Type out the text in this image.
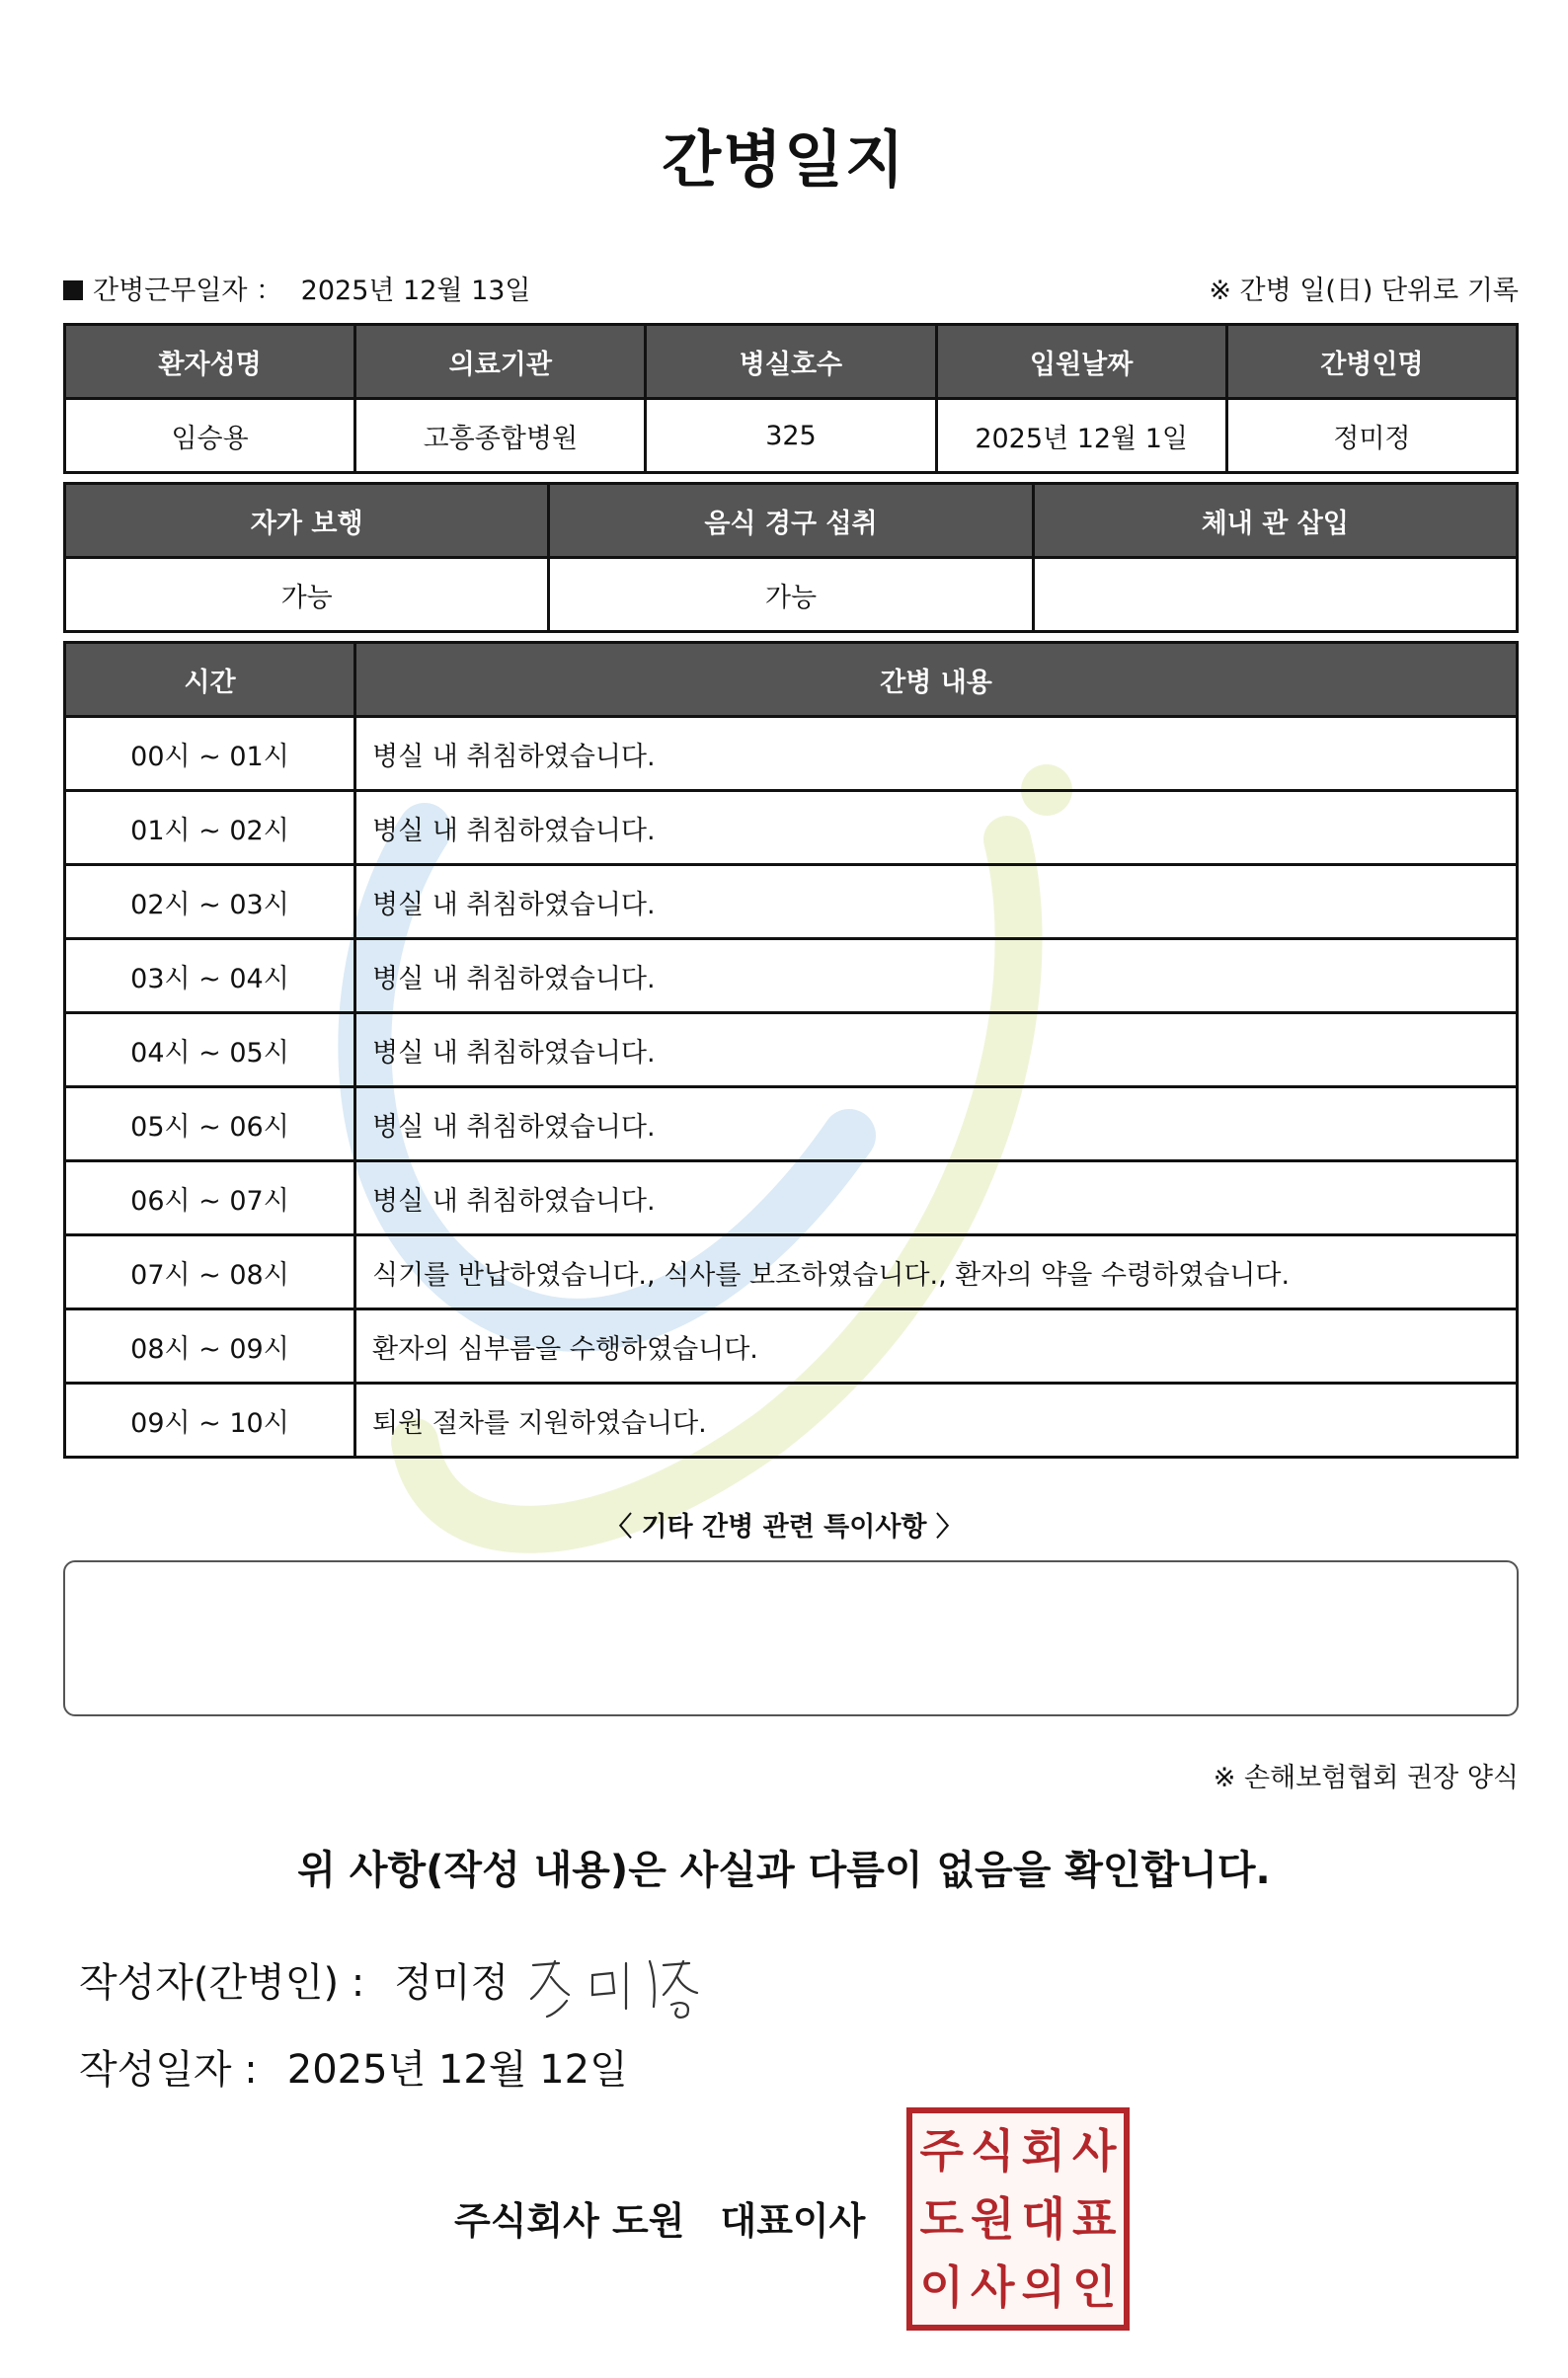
간병일지
간병근무일자 ： 2025년 12월 13일	※ 간병 일(日) 단위로 기록
환자성명	의료기관	병실호수	입원날짜	간병인명
임승용	고흥종합병원	325	2025년 12월 1일	정미정
자가 보행	음식 경구 섭취	체내 관 삽입
가능	가능	
시간	간병 내용
00시 ~ 01시	병실 내 취침하였습니다.
01시 ~ 02시	병실 내 취침하였습니다.
02시 ~ 03시	병실 내 취침하였습니다.
03시 ~ 04시	병실 내 취침하였습니다.
04시 ~ 05시	병실 내 취침하였습니다.
05시 ~ 06시	병실 내 취침하였습니다.
06시 ~ 07시	병실 내 취침하였습니다.
07시 ~ 08시	식기를 반납하였습니다., 식사를 보조하였습니다., 환자의 약을 수령하였습니다.
08시 ~ 09시	환자의 심부름을 수행하였습니다.
09시 ~ 10시	퇴원 절차를 지원하였습니다.
〈 기타 간병 관련 특이사항 〉
※ 손해보험협회 권장 양식
위 사항(작성 내용)은 사실과 다름이 없음을 확인합니다.
작성자(간병인) : 정미정
작성일자 : 2025년 12월 12일
주식회사 도원 대표이사
주 식 회 사
도 원 대 표
이 사 의 인
